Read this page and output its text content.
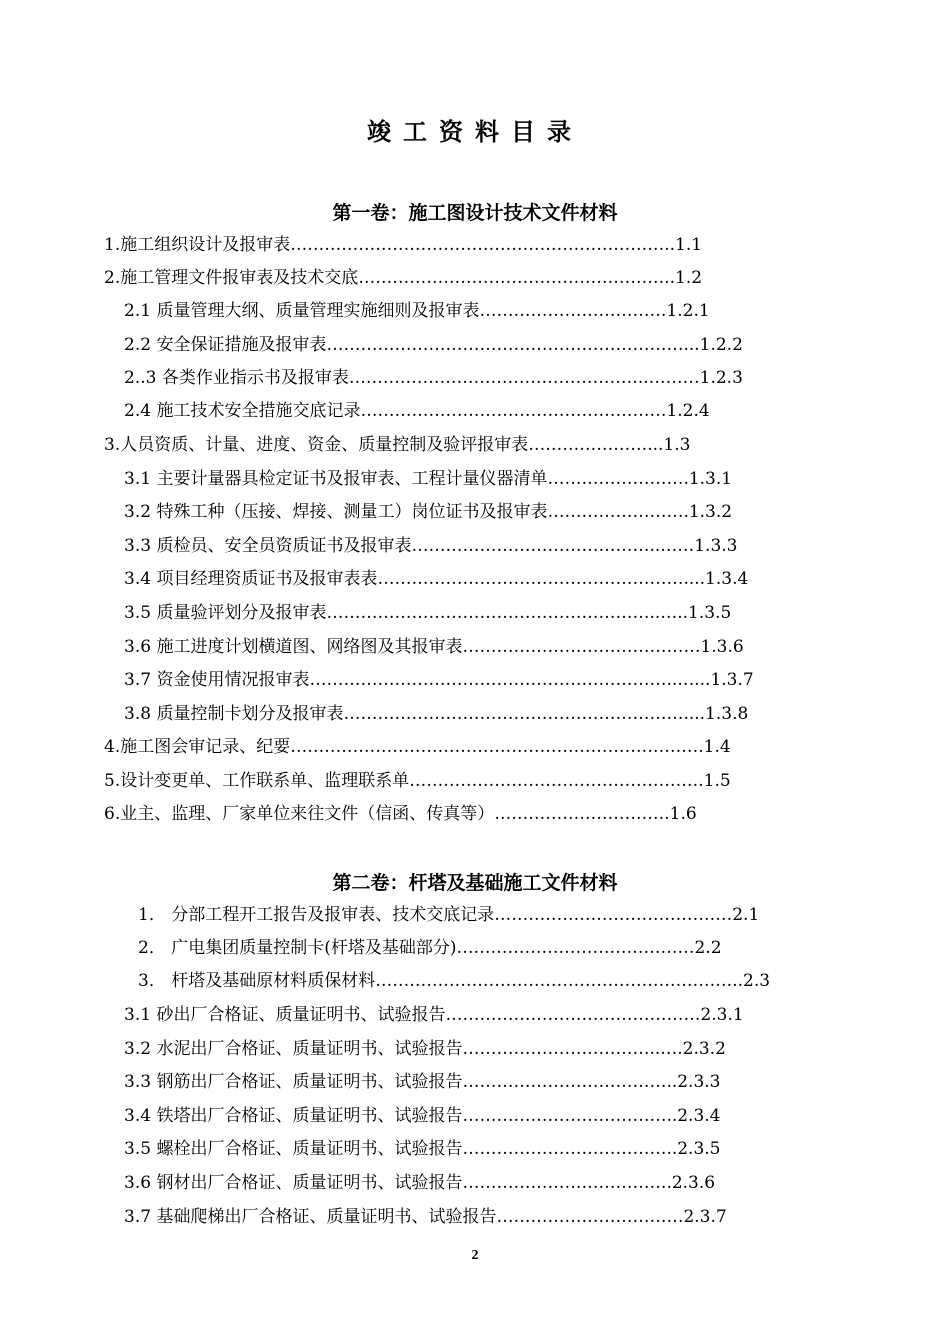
竣工资料目录
第一卷：施工图设计技术文件材料
1.施工组织设计及报审表…………………………………………………………..1.1
2.施工管理文件报审表及技术交底………………………………………………..1.2
2.1 质量管理大纲、质量管理实施细则及报审表……………………………1.2.1
2.2 安全保证措施及报审表………………………………………………………...1.2.2
2..3 各类作业指示书及报审表……………………………………………..………1.2.3
2.4 施工技术安全措施交底记录………………………………………………1.2.4
3.人员资质、计量、进度、资金、质量控制及验评报审表…………………...1.3
3.1 主要计量器具检定证书及报审表、工程计量仪器清单…………………….1.3.1
3.2 特殊工种（压接、焊接、测量工）岗位证书及报审表…………………….1.3.2
3.3 质检员、安全员资质证书及报审表……………………………………..……1.3.3
3.4 项目经理资质证书及报审表表………………………………………………....1.3.4
3.5 质量验评划分及报审表…………………………………………………..…..1.3.5
3.6 施工进度计划横道图、网络图及其报审表……………………………………1.3.6
3.7 资金使用情况报审表………………………………………………………..…...1.3.7
3.8 质量控制卡划分及报审表……………………………………………………....1.3.8
4.施工图会审记录、纪要……………………………………………………………….1.4
5.设计变更单、工作联系单、监理联系单…………………………………………….1.5
6.业主、监理、厂家单位来往文件（信函、传真等）………………………….1.6
第二卷：杆塔及基础施工文件材料
1． 分部工程开工报告及报审表、技术交底记录……………………………………2.1
2． 广电集团质量控制卡(杆塔及基础部分)……………………………………2.2
3． 杆塔及基础原材料质保材料………………………………………………………..2.3
3.1 砂出厂合格证、质量证明书、试验报告………………………………………2.3.1
3.2 水泥出厂合格证、质量证明书、试验报告……………………………..….2.3.2
3.3 钢筋出厂合格证、质量证明书、试验报告………………………………..2.3.3
3.4 铁塔出厂合格证、质量证明书、试验报告………………………………..2.3.4
3.5 螺栓出厂合格证、质量证明书、试验报告………………………………..2.3.5
3.6 钢材出厂合格证、质量证明书、试验报告……………………………….2.3.6
3.7 基础爬梯出厂合格证、质量证明书、试验报告……………………………2.3.7
2
